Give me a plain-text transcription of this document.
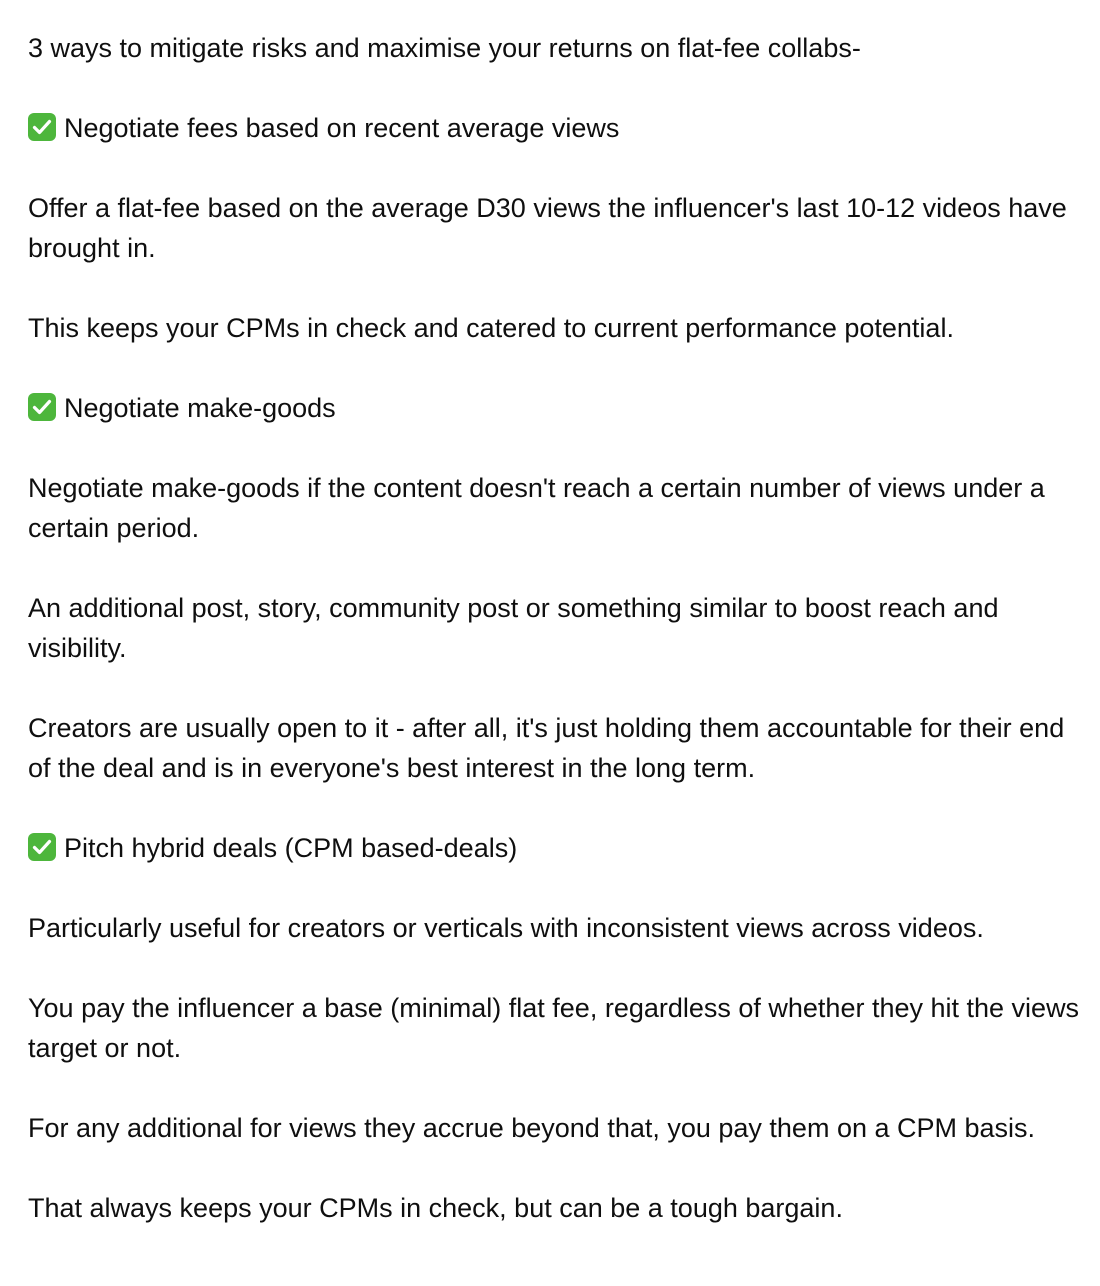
3 ways to mitigate risks and maximise your returns on flat-fee collabs-

Negotiate fees based on recent average views

Offer a flat-fee based on the average D30 views the influencer's last 10-12 videos have brought in.

This keeps your CPMs in check and catered to current performance potential.

Negotiate make-goods

Negotiate make-goods if the content doesn't reach a certain number of views under a certain period.

An additional post, story, community post or something similar to boost reach and visibility.

Creators are usually open to it - after all, it's just holding them accountable for their end of the deal and is in everyone's best interest in the long term.

Pitch hybrid deals (CPM based-deals)

Particularly useful for creators or verticals with inconsistent views across videos.

You pay the influencer a base (minimal) flat fee, regardless of whether they hit the views target or not.

For any additional for views they accrue beyond that, you pay them on a CPM basis.

That always keeps your CPMs in check, but can be a tough bargain.
